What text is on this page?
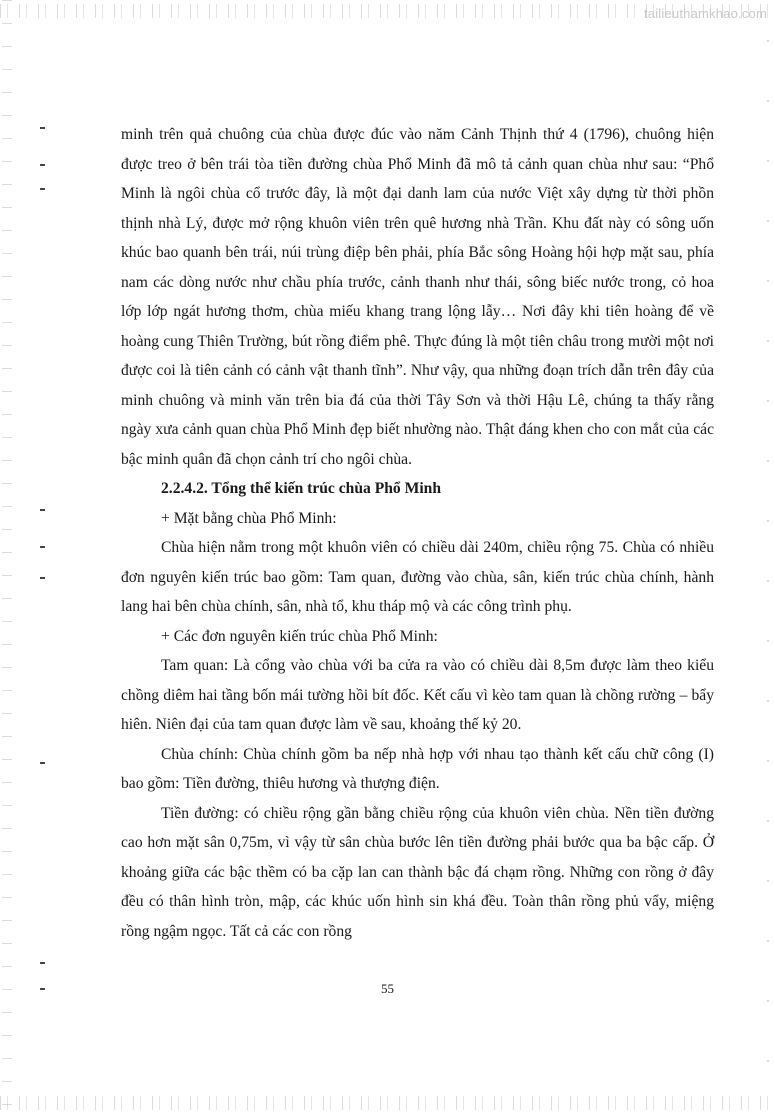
tailieuthamkhao.com

minh trên quả chuông của chùa được đúc vào năm Cảnh Thịnh thứ 4 (1796), chuông hiện được treo ở bên trái tòa tiền đường chùa Phổ Minh đã mô tả cảnh quan chùa như sau: “Phổ Minh là ngôi chùa cổ trước đây, là một đại danh lam của nước Việt xây dựng từ thời phồn thịnh nhà Lý, được mở rộng khuôn viên trên quê hương nhà Trần. Khu đất này có sông uốn khúc bao quanh bên trái, núi trùng điệp bên phải, phía Bắc sông Hoàng hội hợp mặt sau, phía nam các dòng nước như chầu phía trước, cảnh thanh như thái, sông biếc nước trong, cỏ hoa lớp lớp ngát hương thơm, chùa miếu khang trang lộng lẫy… Nơi đây khi tiên hoàng để về hoàng cung Thiên Trường, bút rồng điểm phê. Thực đúng là một tiên châu trong mười một nơi được coi là tiên cảnh có cảnh vật thanh tĩnh”. Như vậy, qua những đoạn trích dẫn trên đây của minh chuông và minh văn trên bia đá của thời Tây Sơn và thời Hậu Lê, chúng ta thấy rằng ngày xưa cảnh quan chùa Phổ Minh đẹp biết nhường nào. Thật đáng khen cho con mắt của các bậc minh quân đã chọn cảnh trí cho ngôi chùa.

2.2.4.2. Tổng thể kiến trúc chùa Phổ Minh

+ Mặt bằng chùa Phổ Minh:

Chùa hiện nằm trong một khuôn viên có chiều dài 240m, chiều rộng 75. Chùa có nhiều đơn nguyên kiến trúc bao gồm: Tam quan, đường vào chùa, sân, kiến trúc chùa chính, hành lang hai bên chùa chính, sân, nhà tổ, khu tháp mộ và các công trình phụ.

+ Các đơn nguyên kiến trúc chùa Phổ Minh:

Tam quan: Là cổng vào chùa với ba cửa ra vào có chiều dài 8,5m được làm theo kiểu chồng diêm hai tầng bốn mái tường hồi bít đốc. Kết cấu vì kèo tam quan là chồng rường – bẩy hiên. Niên đại của tam quan được làm về sau, khoảng thế kỷ 20.

Chùa chính: Chùa chính gồm ba nếp nhà hợp với nhau tạo thành kết cấu chữ công (I) bao gồm: Tiền đường, thiêu hương và thượng điện.

Tiền đường: có chiều rộng gần bằng chiều rộng của khuôn viên chùa. Nền tiền đường cao hơn mặt sân 0,75m, vì vậy từ sân chùa bước lên tiền đường phải bước qua ba bậc cấp. Ở khoảng giữa các bậc thềm có ba cặp lan can thành bậc đá chạm rồng. Những con rồng ở đây đều có thân hình tròn, mập, các khúc uốn hình sin khá đều. Toàn thân rồng phủ vẩy, miệng rồng ngậm ngọc. Tất cả các con rồng

55
